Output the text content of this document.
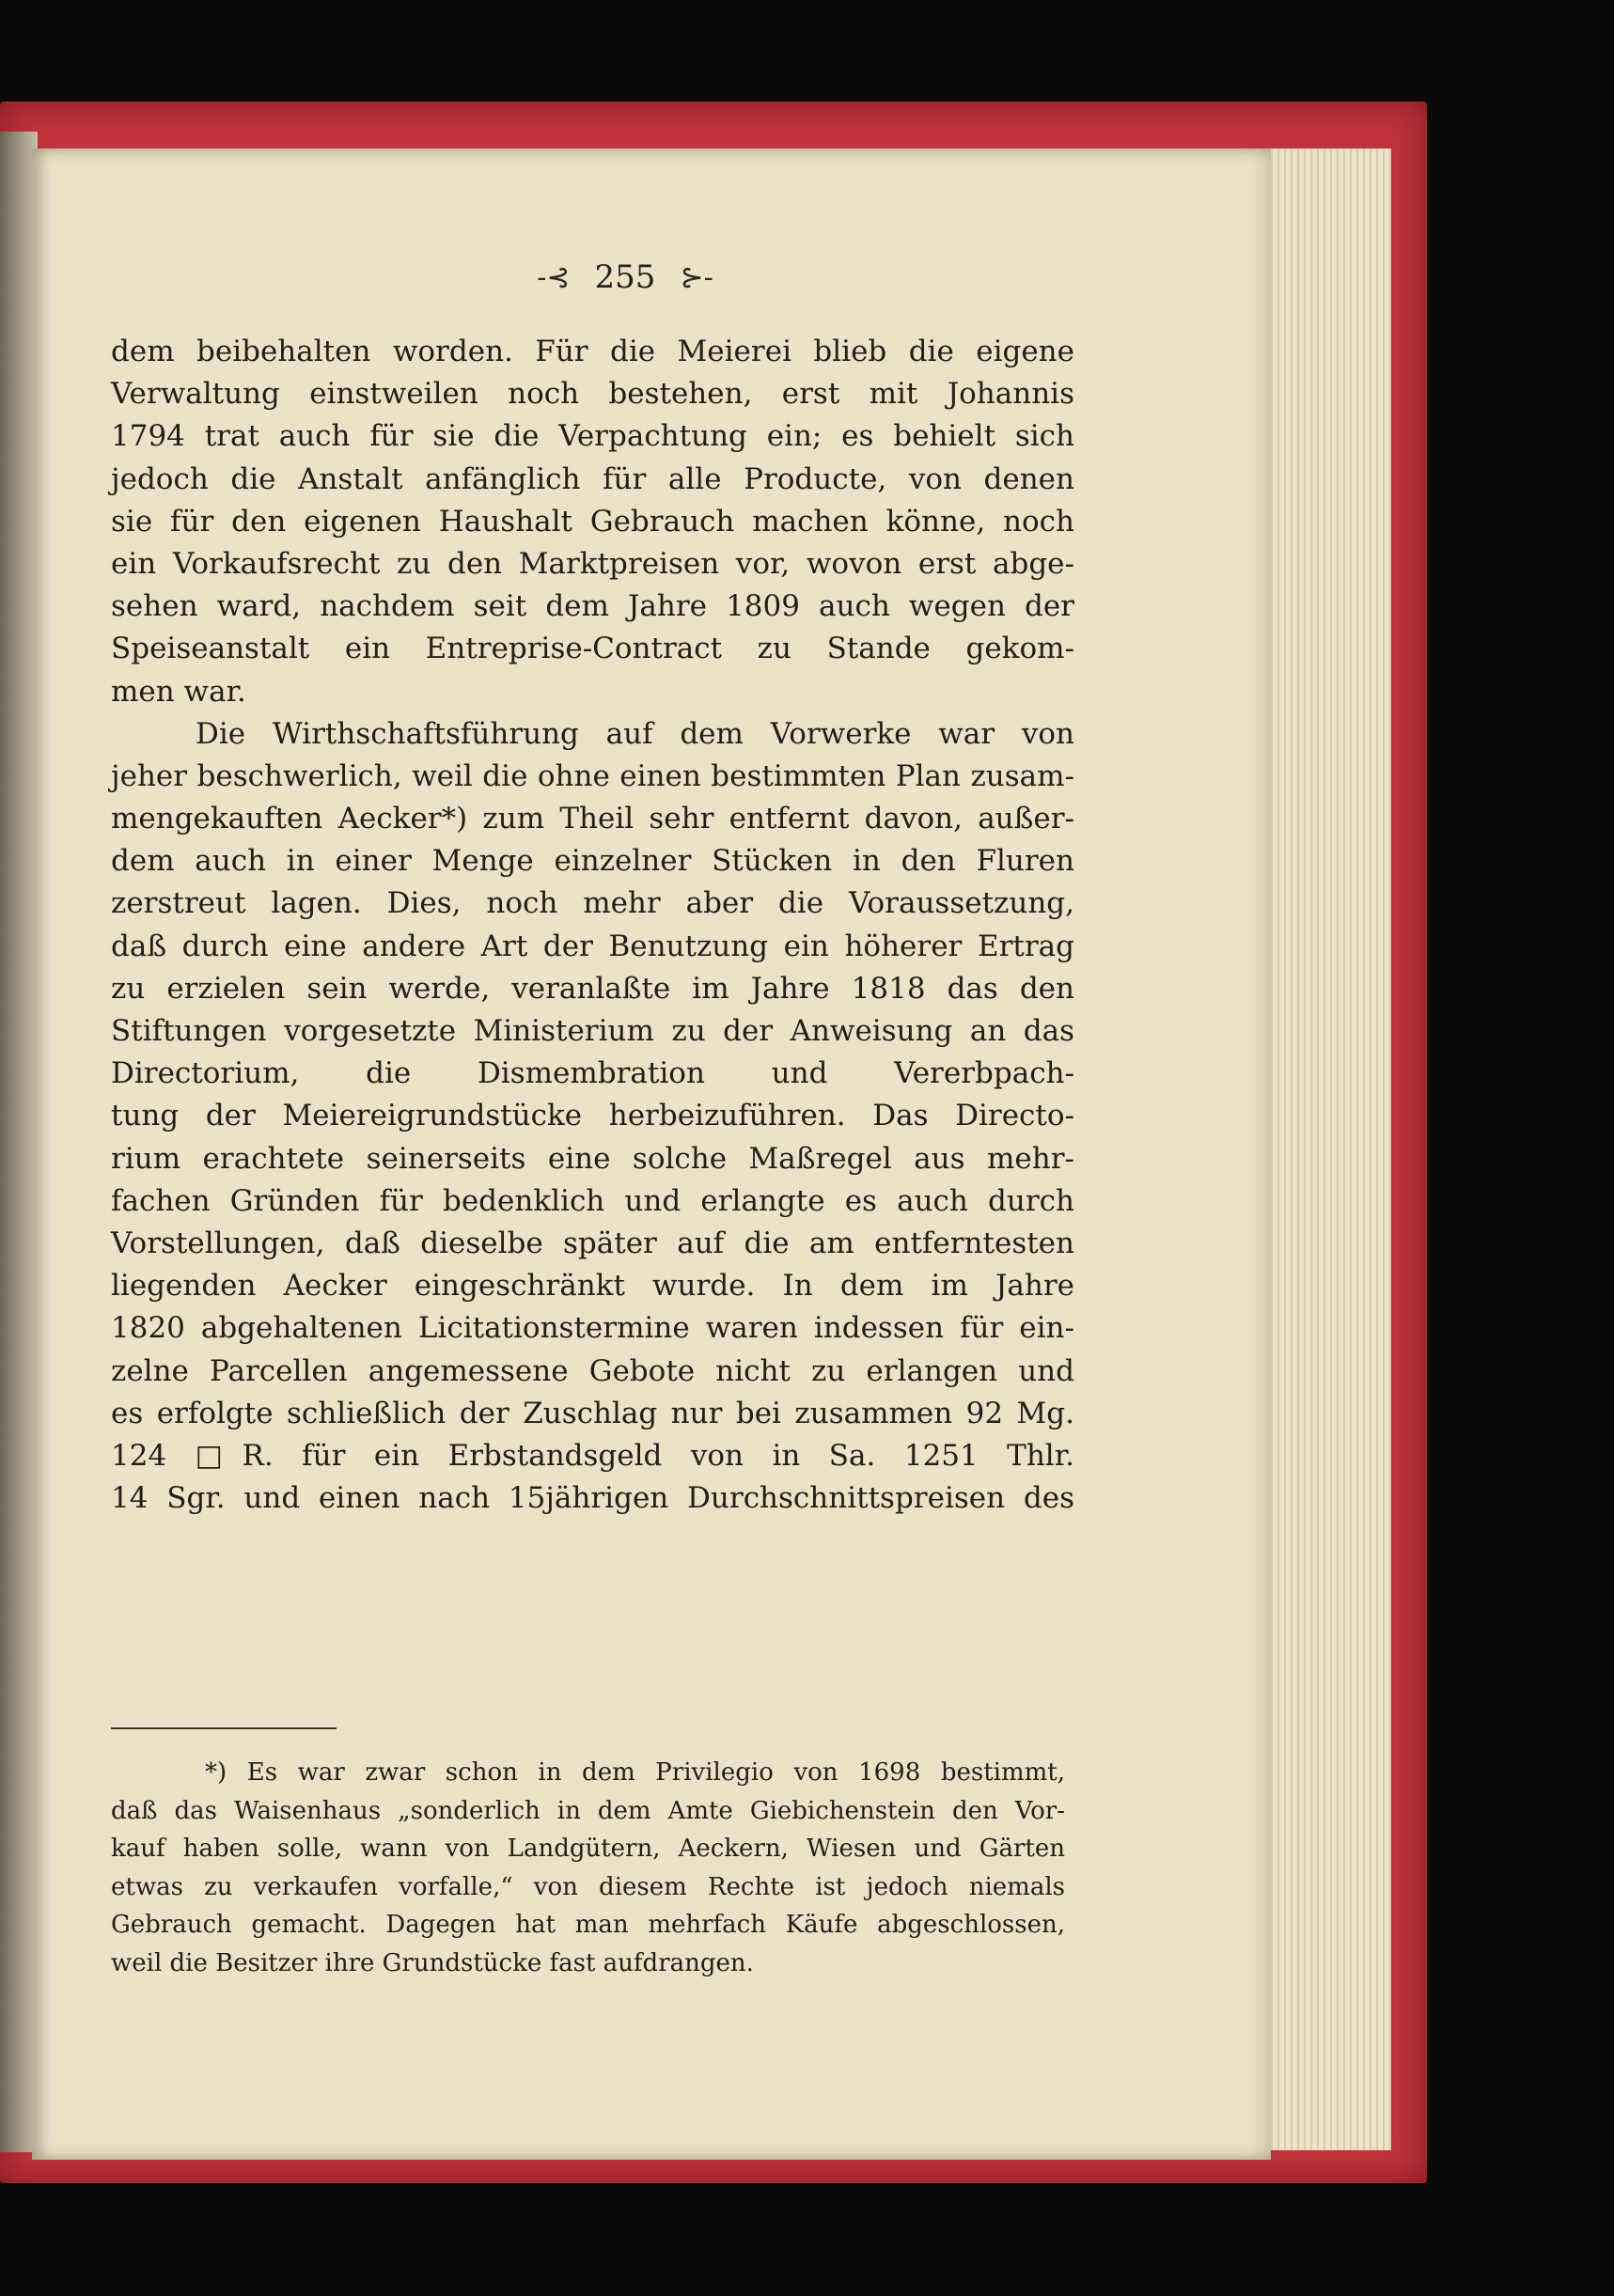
-⊰ 255 ⊱-
dem beibehalten worden. Für die Meierei blieb die eigene
Verwaltung einstweilen noch bestehen, erst mit Johannis
1794 trat auch für sie die Verpachtung ein; es behielt sich
jedoch die Anstalt anfänglich für alle Producte, von denen
sie für den eigenen Haushalt Gebrauch machen könne, noch
ein Vorkaufsrecht zu den Marktpreisen vor, wovon erst abge-
sehen ward, nachdem seit dem Jahre 1809 auch wegen der
Speiseanstalt ein Entreprise-Contract zu Stande gekom-
men war.
Die Wirthschaftsführung auf dem Vorwerke war von
jeher beschwerlich, weil die ohne einen bestimmten Plan zusam-
mengekauften Aecker*) zum Theil sehr entfernt davon, außer-
dem auch in einer Menge einzelner Stücken in den Fluren
zerstreut lagen. Dies, noch mehr aber die Voraussetzung,
daß durch eine andere Art der Benutzung ein höherer Ertrag
zu erzielen sein werde, veranlaßte im Jahre 1818 das den
Stiftungen vorgesetzte Ministerium zu der Anweisung an das
Directorium, die Dismembration und Vererbpach-
tung der Meiereigrundstücke herbeizuführen. Das Directo-
rium erachtete seinerseits eine solche Maßregel aus mehr-
fachen Gründen für bedenklich und erlangte es auch durch
Vorstellungen, daß dieselbe später auf die am entferntesten
liegenden Aecker eingeschränkt wurde. In dem im Jahre
1820 abgehaltenen Licitationstermine waren indessen für ein-
zelne Parcellen angemessene Gebote nicht zu erlangen und
es erfolgte schließlich der Zuschlag nur bei zusammen 92 Mg.
124 □R. für ein Erbstandsgeld von in Sa. 1251 Thlr.
14 Sgr. und einen nach 15jährigen Durchschnittspreisen des
*) Es war zwar schon in dem Privilegio von 1698 bestimmt,
daß das Waisenhaus „sonderlich in dem Amte Giebichenstein den Vor-
kauf haben solle, wann von Landgütern, Aeckern, Wiesen und Gärten
etwas zu verkaufen vorfalle,“ von diesem Rechte ist jedoch niemals
Gebrauch gemacht. Dagegen hat man mehrfach Käufe abgeschlossen,
weil die Besitzer ihre Grundstücke fast aufdrangen.
